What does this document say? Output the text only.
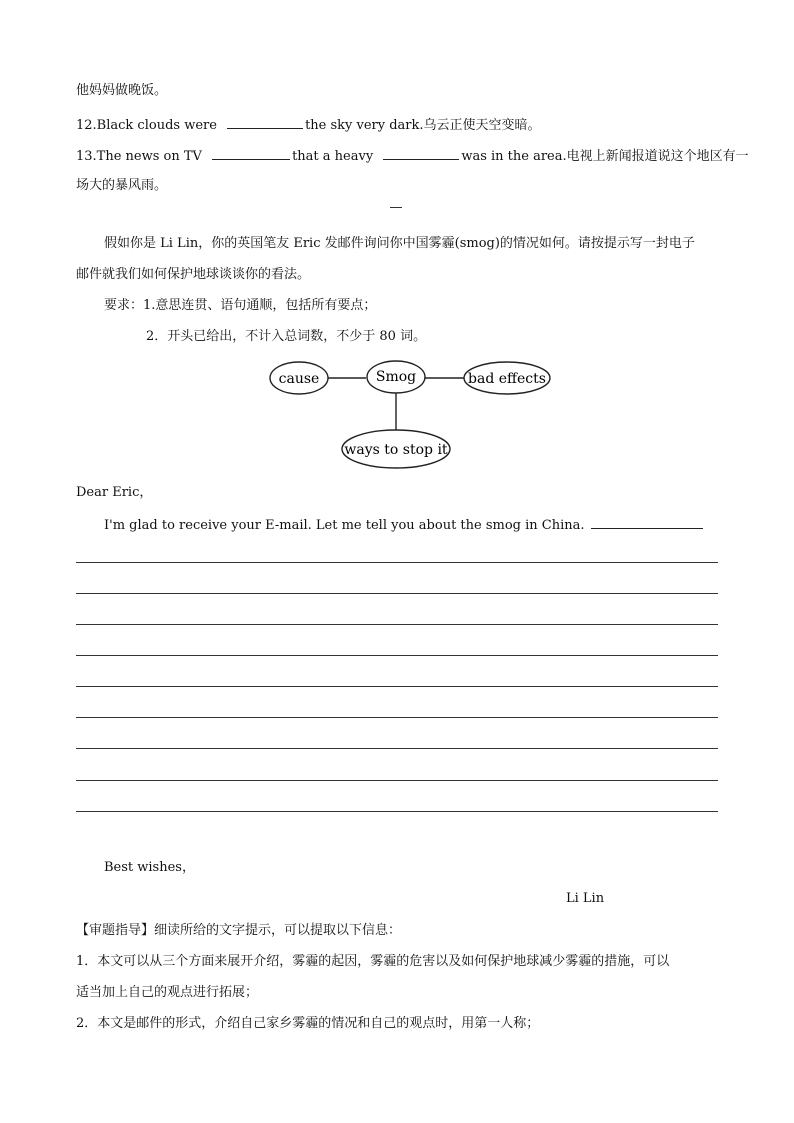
他妈妈做晚饭。
12.Black clouds were	the sky very dark.乌云正使天空变暗。
13.The news on TV	that a heavy	was in the area.电视上新闻报道说这个地区有一
场大的暴风雨。
假如你是 Li Lin，你的英国笔友 Eric 发邮件询问你中国雾霾(smog)的情况如何。请按提示写一封电子
邮件就我们如何保护地球谈谈你的看法。
要求：1.意思连贯、语句通顺，包括所有要点；
2．开头已给出，不计入总词数，不少于 80 词。
cause	Smog	bad effects
ways to stop it
Dear Eric，
I'm glad to receive your E-mail. Let me tell you about the smog in China.
Best wishes，
Li Lin
【审题指导】细读所给的文字提示，可以提取以下信息：
1．本文可以从三个方面来展开介绍，雾霾的起因，雾霾的危害以及如何保护地球减少雾霾的措施，可以
适当加上自己的观点进行拓展；
2．本文是邮件的形式，介绍自己家乡雾霾的情况和自己的观点时，用第一人称；
